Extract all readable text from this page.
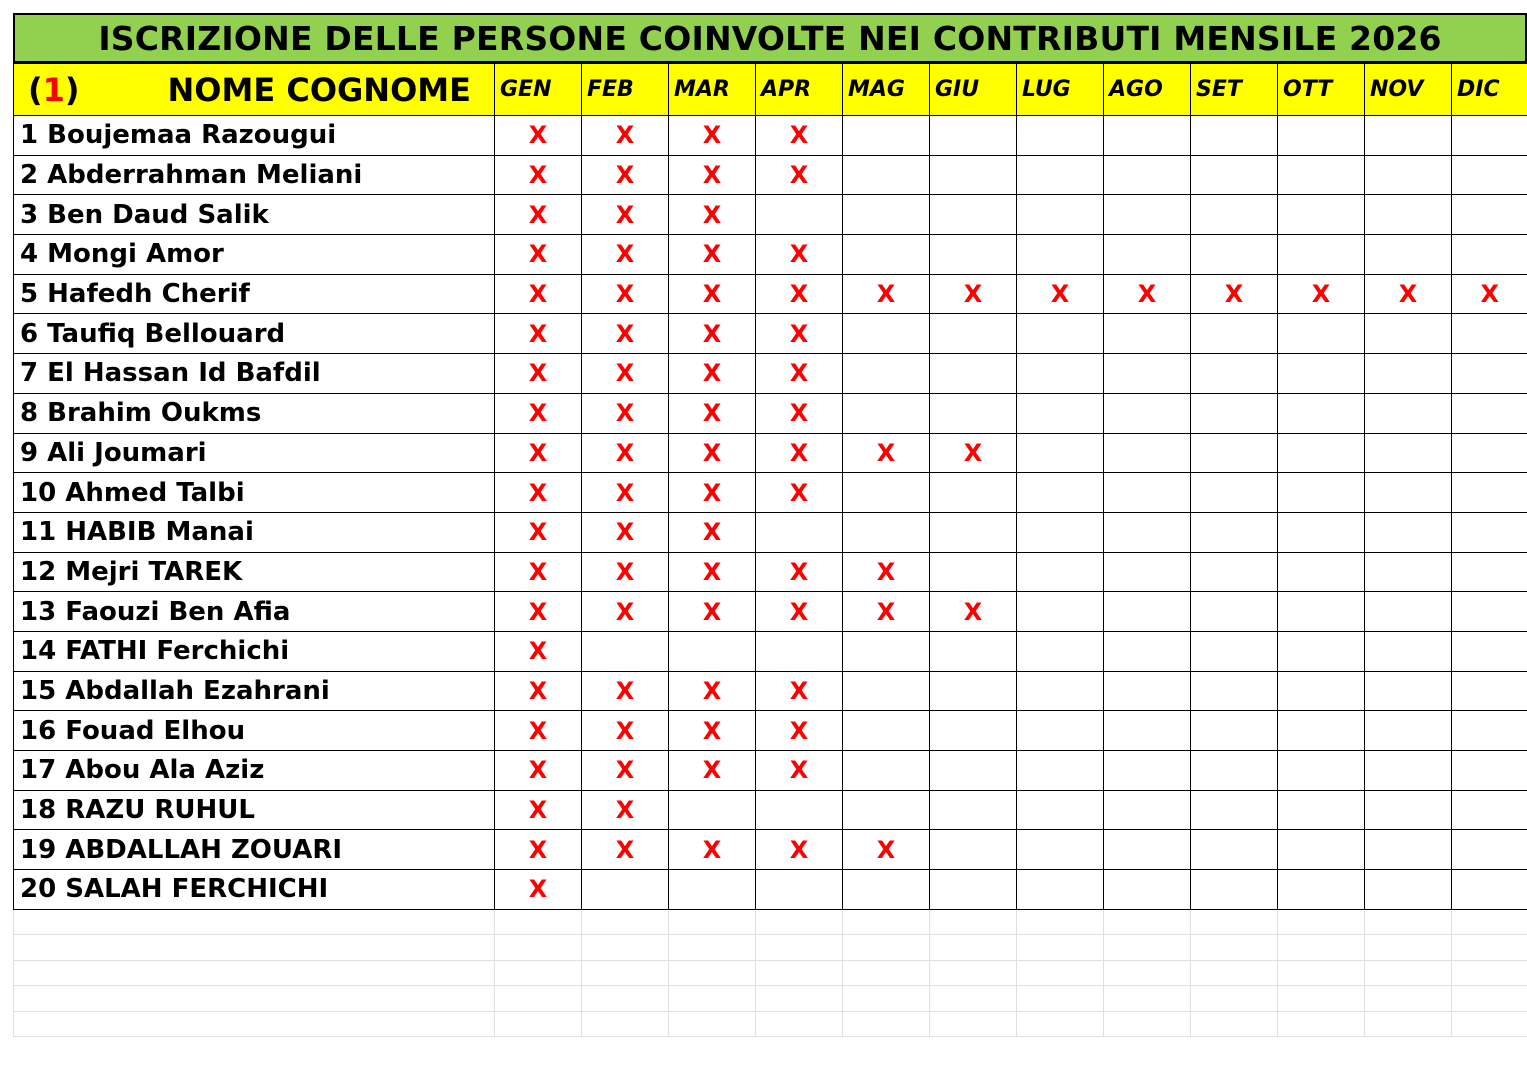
ISCRIZIONE DELLE PERSONE COINVOLTE NEI CONTRIBUTI MENSILE 2026
(1) NOME COGNOME	GEN	FEB	MAR	APR	MAG	GIU	LUG	AGO	SET	OTT	NOV	DIC
1 Boujemaa Razougui	X	X	X	X								
2 Abderrahman Meliani	X	X	X	X								
3 Ben Daud Salik	X	X	X									
4 Mongi Amor	X	X	X	X								
5 Hafedh Cherif	X	X	X	X	X	X	X	X	X	X	X	X
6 Taufiq Bellouard	X	X	X	X								
7 El Hassan Id Bafdil	X	X	X	X								
8 Brahim Oukms	X	X	X	X								
9 Ali Joumari	X	X	X	X	X	X						
10 Ahmed Talbi	X	X	X	X								
11 HABIB Manai	X	X	X									
12 Mejri TAREK	X	X	X	X	X							
13 Faouzi Ben Afia	X	X	X	X	X	X						
14 FATHI Ferchichi	X											
15 Abdallah Ezahrani	X	X	X	X								
16 Fouad Elhou	X	X	X	X								
17 Abou Ala Aziz	X	X	X	X								
18 RAZU RUHUL	X	X										
19 ABDALLAH ZOUARI	X	X	X	X	X							
20 SALAH FERCHICHI	X											
